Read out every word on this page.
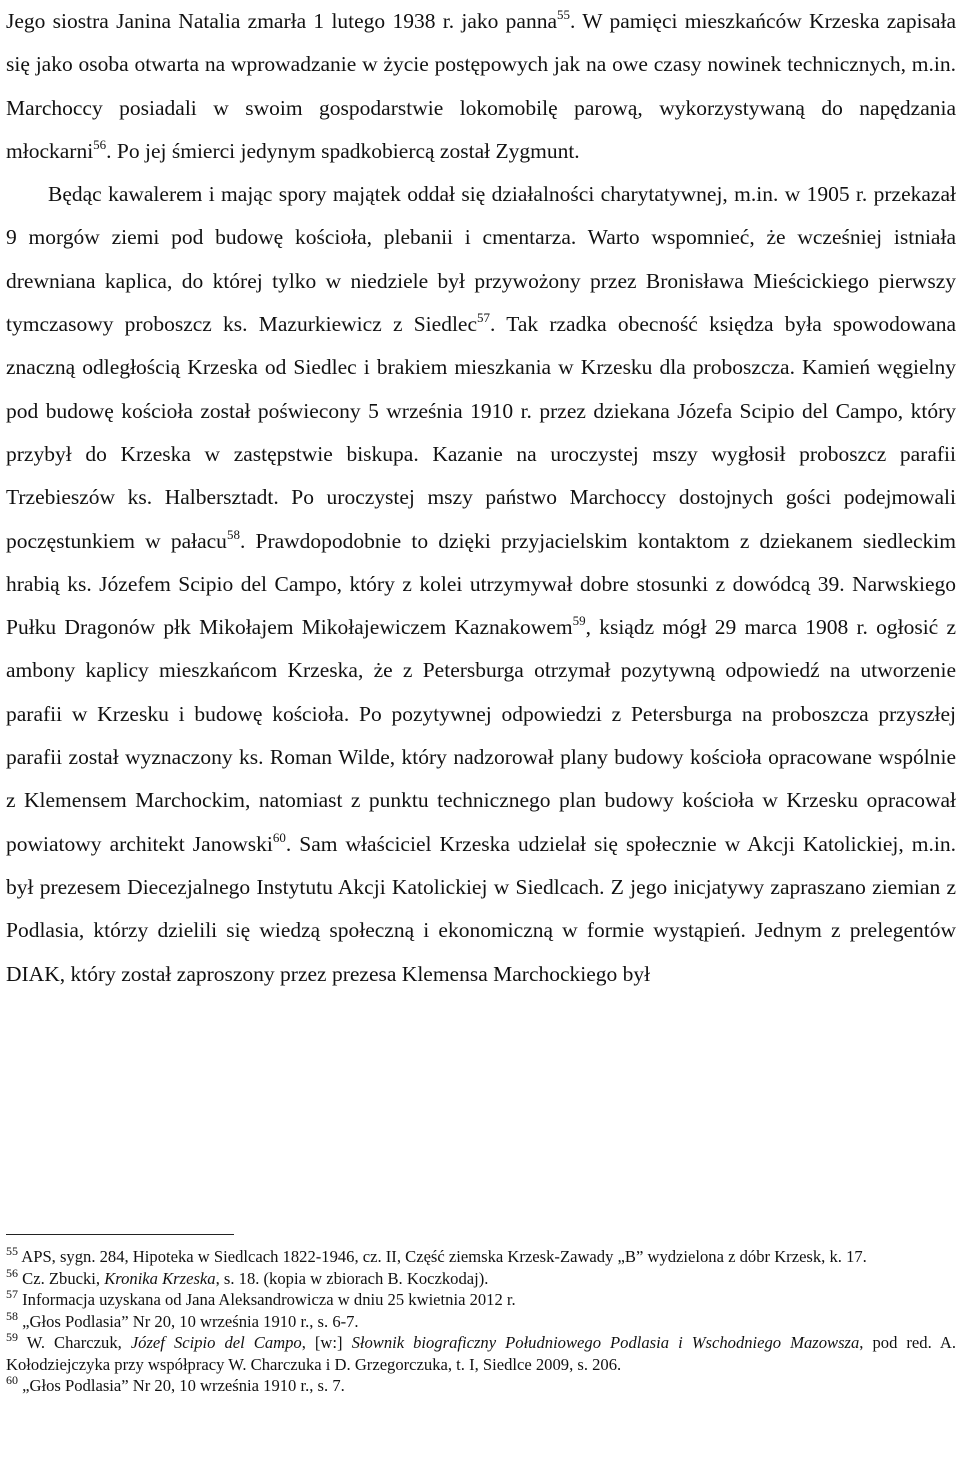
Jego siostra Janina Natalia zmarła 1 lutego 1938 r. jako panna$^{55}$. W pamięci mieszkańców Krzeska zapisała się jako osoba otwarta na wprowadzanie w życie postępowych jak na owe czasy nowinek technicznych, m.in. Marchoccy posiadali w swoim gospodarstwie lokomobilę parową, wykorzystywaną do napędzania młockarni$^{56}$. Po jej śmierci jedynym spadkobiercą został Zygmunt.
Będąc kawalerem i mając spory majątek oddał się działalności charytatywnej, m.in. w 1905 r. przekazał 9 morgów ziemi pod budowę kościoła, plebanii i cmentarza. Warto wspomnieć, że wcześniej istniała drewniana kaplica, do której tylko w niedziele był przywożony przez Bronisława Mieścickiego pierwszy tymczasowy proboszcz ks. Mazurkiewicz z Siedlec$^{57}$. Tak rzadka obecność księdza była spowodowana znaczną odległością Krzeska od Siedlec i brakiem mieszkania w Krzesku dla proboszcza. Kamień węgielny pod budowę kościoła został poświecony 5 września 1910 r. przez dziekana Józefa Scipio del Campo, który przybył do Krzeska w zastępstwie biskupa. Kazanie na uroczystej mszy wygłosił proboszcz parafii Trzebieszów ks. Halbersztadt. Po uroczystej mszy państwo Marchoccy dostojnych gości podejmowali poczęstunkiem w pałacu$^{58}$. Prawdopodobnie to dzięki przyjacielskim kontaktom z dziekanem siedleckim hrabią ks. Józefem Scipio del Campo, który z kolei utrzymywał dobre stosunki z dowódcą 39. Narwskiego Pułku Dragonów płk Mikołajem Mikołajewiczem Kaznakowem$^{59}$, ksiądz mógł 29 marca 1908 r. ogłosić z ambony kaplicy mieszkańcom Krzeska, że z Petersburga otrzymał pozytywną odpowiedź na utworzenie parafii w Krzesku i budowę kościoła. Po pozytywnej odpowiedzi z Petersburga na proboszcza przyszłej parafii został wyznaczony ks. Roman Wilde, który nadzorował plany budowy kościoła opracowane wspólnie z Klemensem Marchockim, natomiast z punktu technicznego plan budowy kościoła w Krzesku opracował powiatowy architekt Janowski$^{60}$. Sam właściciel Krzeska udzielał się społecznie w Akcji Katolickiej, m.in. był prezesem Diecezjalnego Instytutu Akcji Katolickiej w Siedlcach. Z jego inicjatywy zapraszano ziemian z Podlasia, którzy dzielili się wiedzą społeczną i ekonomiczną w formie wystąpień. Jednym z prelegentów DIAK, który został zaproszony przez prezesa Klemensa Marchockiego był

$^{55}$ APS, sygn. 284, Hipoteka w Siedlcach 1822-1946, cz. II, Część ziemska Krzesk-Zawady „B” wydzielona z dóbr Krzesk, k. 17.

$^{56}$ Cz. Zbucki, Kronika Krzeska, s. 18. (kopia w zbiorach B. Koczkodaj).

$^{57}$ Informacja uzyskana od Jana Aleksandrowicza w dniu 25 kwietnia 2012 r.

$^{58}$ „Głos Podlasia” Nr 20, 10 września 1910 r., s. 6-7.

$^{59}$ W. Charczuk, Józef Scipio del Campo, [w:] Słownik biograficzny Południowego Podlasia i Wschodniego Mazowsza, pod red. A. Kołodziejczyka przy współpracy W. Charczuka i D. Grzegorczuka, t. I, Siedlce 2009, s. 206.

$^{60}$ „Głos Podlasia” Nr 20, 10 września 1910 r., s. 7.
